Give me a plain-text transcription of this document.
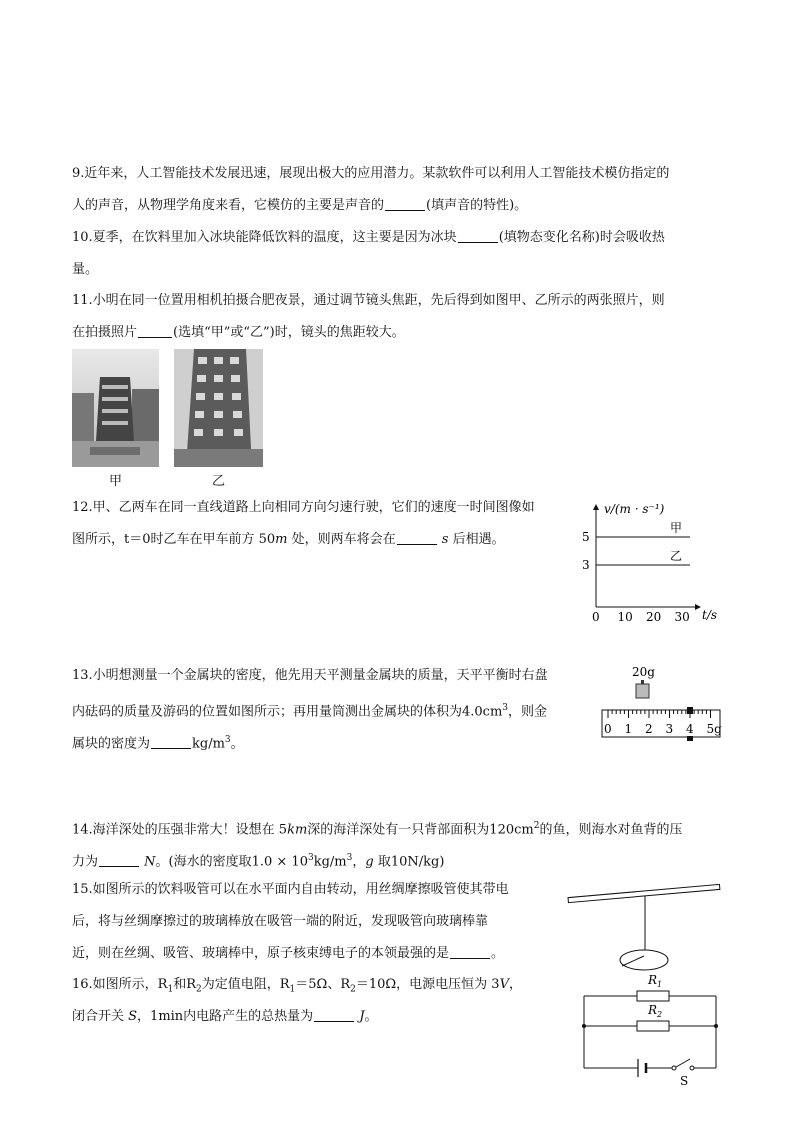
9.近年来，人工智能技术发展迅速，展现出极大的应用潜力。某款软件可以利用人工智能技术模仿指定的
人的声音，从物理学角度来看，它模仿的主要是声音的	(填声音的特性)。
10.夏季，在饮料里加入冰块能降低饮料的温度，这主要是因为冰块	(填物态变化名称)时会吸收热
量。
11.小明在同一位置用相机拍摄合肥夜景，通过调节镜头焦距，先后得到如图甲、乙所示的两张照片，则
在拍摄照片	(选填“甲”或“乙”)时，镜头的焦距较大。
甲	乙
12.甲、乙两车在同一直线道路上向相同方向匀速行驶，它们的速度一时间图像如
图所示，t＝0时乙车在甲车前方 50m 处，则两车将会在	s 后相遇。
v/(m · s⁻¹)
t/s
0 10 20 30
3
5
甲
乙
13.小明想测量一个金属块的密度，他先用天平测量金属块的质量，天平平衡时右盘
内砝码的质量及游码的位置如图所示；再用量筒测出金属块的体积为$4.0cm^3$，则金
属块的密度为	$kg/m^3$。
20g
0 1 2 3 4 5g
14.海洋深处的压强非常大！设想在 5km深的海洋深处有一只背部面积为$120cm^2$的鱼，则海水对鱼背的压
力为	N。(海水的密度取$1.0 \times 10^3kg/m^3$，g 取10N/kg)
15.如图所示的饮料吸管可以在水平面内自由转动，用丝绸摩擦吸管使其带电
后，将与丝绸摩擦过的玻璃棒放在吸管一端的附近，发现吸管向玻璃棒靠
近，则在丝绸、吸管、玻璃棒中，原子核束缚电子的本领最强的是	。
16.如图所示，$R_1$和$R_2$为定值电阻，$R_1=5\Omega$、$R_2=10\Omega$，电源电压恒为 3V，
闭合开关 S，1min内电路产生的总热量为	J。
$R_1$
$R_2$
S
